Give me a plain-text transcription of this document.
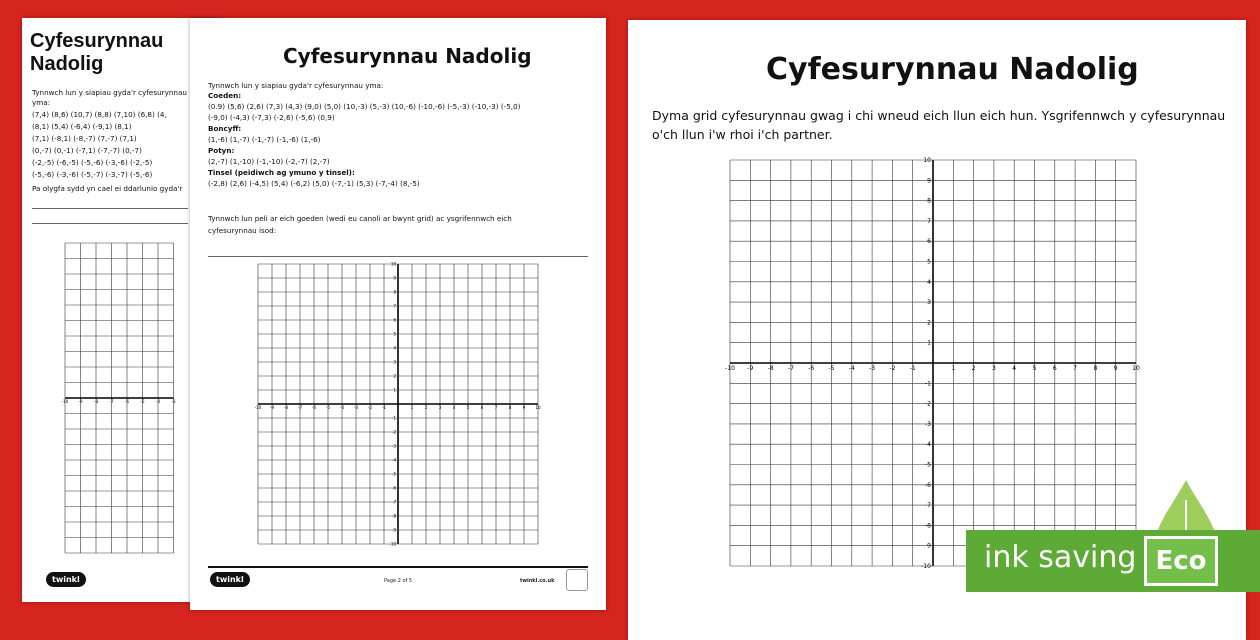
Cyfesurynnau Nadolig
Tynnwch lun y siapiau gyda'r cyfesurynnau yma:
(7,4) (8,6) (10,7) (8,8) (7,10) (6,8) (4,
(8,1) (5,4) (-6,4) (-9,1) (8,1)
(7,1) (-8,1) (-8,-7) (7,-7) (7,1)
(0,-7) (0,-1) (-7,1) (-7,-7) (0,-7)
(-2,-5) (-6,-5) (-5,-6) (-3,-6) (-2,-5)
(-5,-6) (-3,-6) (-5,-7) (-3,-7) (-5,-6)
Pa olygfa sydd yn cael ei ddarlunio gyda'r
-10	-9	-8	-7	-6	-5	-4	-3
twinkl
Cyfesurynnau Nadolig
Tynnwch lun y siapiau gyda'r cyfesurynnau yma:
Coeden:
(0.9) (5,6) (2,6) (7,3) (4,3) (9,0) (5,0) (10,-3) (5,-3) (10,-6) (-10,-6) (-5,-3) (-10,-3) (-5,0)
(-9,0) (-4,3) (-7,3) (-2,6) (-5,6) (0,9)
Boncyff:
(1,-6) (1,-7) (-1,-7) (-1,-6) (1,-6)
Potyn:
(2,-7) (1,-10) (-1,-10) (-2,-7) (2,-7)
Tinsel (peidiwch ag ymuno y tinsel):
(-2,8) (2,6) (-4,5) (5,4) (-6,2) (5,0) (-7,-1) (5,3) (-7,-4) (8,-5)
Tynnwch lun peli ar eich goeden (wedi eu canoli ar bwynt grid) ac ysgrifennwch eich
cyfesurynnau isod:
-10 -9	-8	-7	-6	-5	-4	-3	-2	-1	1	2	3	4	5	6	7	8	9	10
-10
-9
-8
-7
-6
-5
-4
-3
-2
-1
1
2
3
4
5
6
7
8
9
10
twinkl	Page 2 of 5	twinkl.co.uk
Cyfesurynnau Nadolig
Dyma grid cyfesurynnau gwag i chi wneud eich llun eich hun. Ysgrifennwch y cyfesurynnau
o'ch llun i'w rhoi i'ch partner.
-10 -9 -8 -7 -6 -5 -4 -3 -2 -1	1	2	3	4	5	6	7	8	9 10
-10
-9
-8
-7
-6
-5
-4
-3
-2
-1
1
2
3
4
5
6
7
8
9
10
ink saving Eco
